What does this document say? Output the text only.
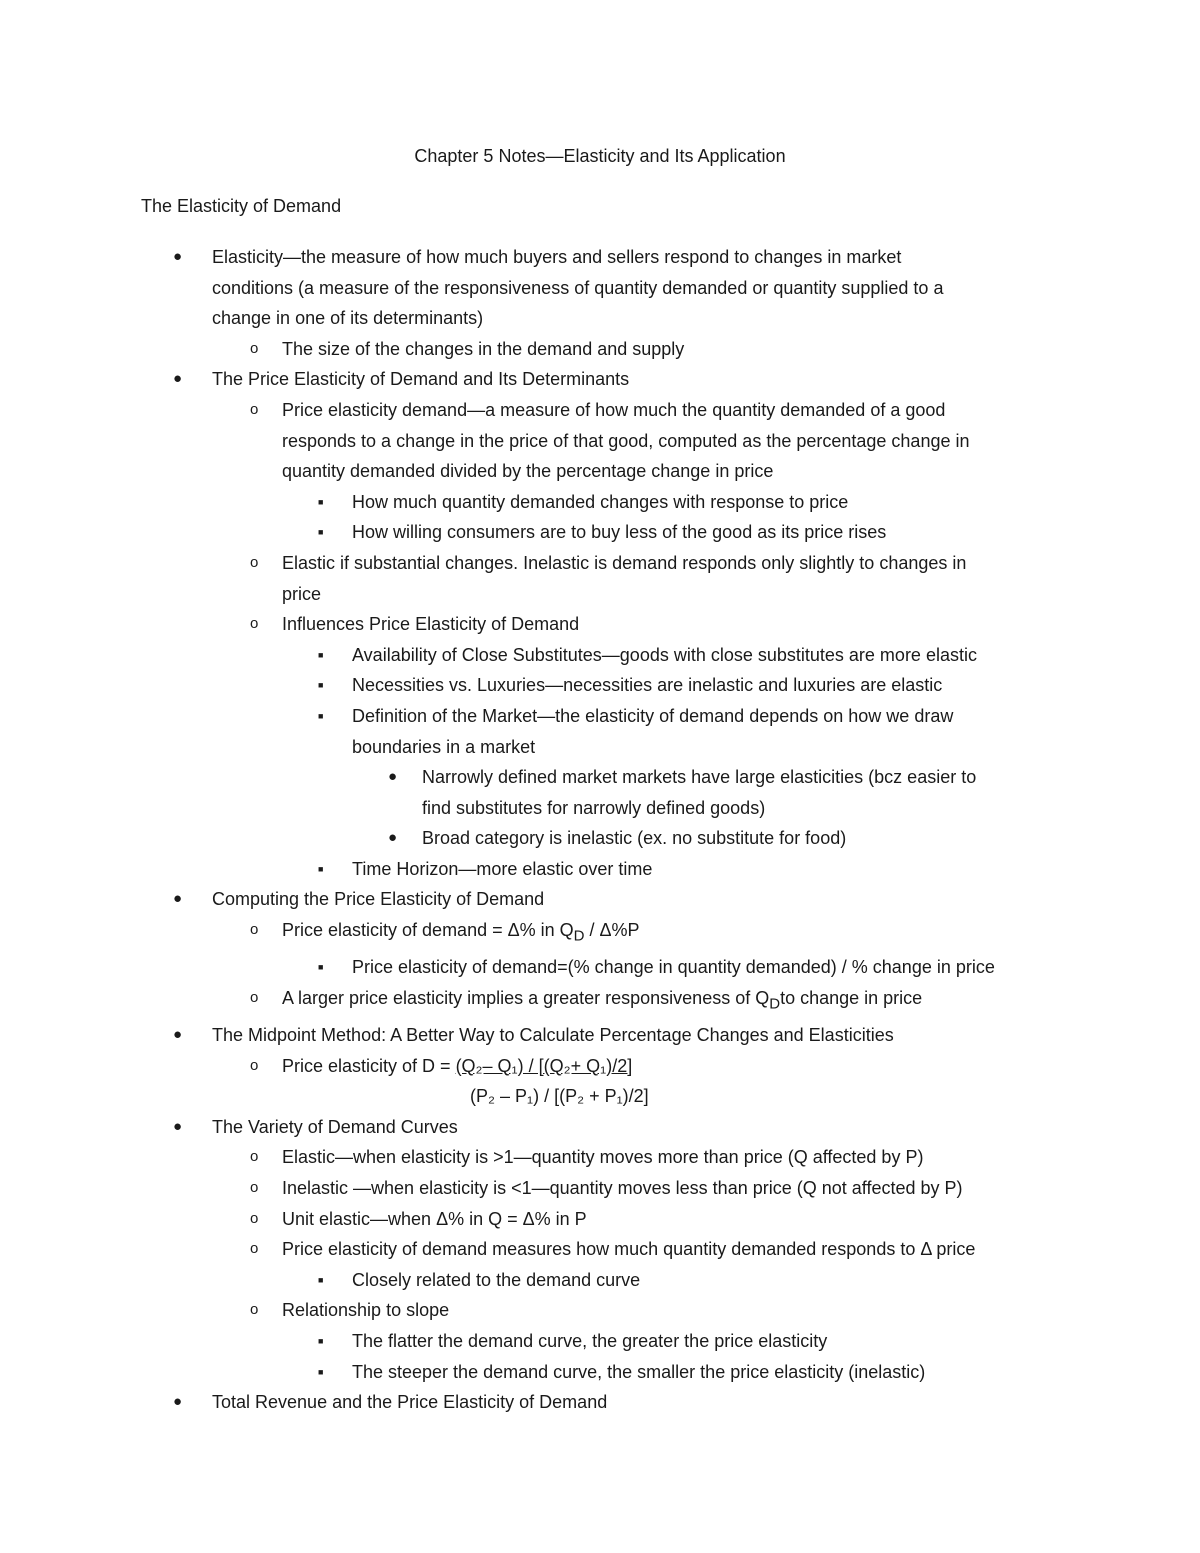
Chapter 5 Notes—Elasticity and Its Application
The Elasticity of Demand
● Elasticity—the measure of how much buyers and sellers respond to changes in market
conditions (a measure of the responsiveness of quantity demanded or quantity supplied to a
change in one of its determinants)
o The size of the changes in the demand and supply
● The Price Elasticity of Demand and Its Determinants
o Price elasticity demand—a measure of how much the quantity demanded of a good
responds to a change in the price of that good, computed as the percentage change in
quantity demanded divided by the percentage change in price
■ How much quantity demanded changes with response to price
■ How willing consumers are to buy less of the good as its price rises
o Elastic if substantial changes. Inelastic is demand responds only slightly to changes in
price
o Influences Price Elasticity of Demand
■ Availability of Close Substitutes—goods with close substitutes are more elastic
■ Necessities vs. Luxuries—necessities are inelastic and luxuries are elastic
■ Definition of the Market—the elasticity of demand depends on how we draw
boundaries in a market
● Narrowly defined market markets have large elasticities (bcz easier to
find substitutes for narrowly defined goods)
● Broad category is inelastic (ex. no substitute for food)
■ Time Horizon—more elastic over time
● Computing the Price Elasticity of Demand
o Price elasticity of demand = Δ% in $Q_D / \Delta\%P$
■ Price elasticity of demand=(% change in quantity demanded) / % change in price
o A larger price elasticity implies a greater responsiveness of $Q_Dto$ change in price
● The Midpoint Method: A Better Way to Calculate Percentage Changes and Elasticities
o Price elasticity of D = (Q₂– Q₁) / [(Q₂+ Q₁)/2]
(P₂ – P₁) / [(P₂ + P₁)/2]
● The Variety of Demand Curves
o Elastic—when elasticity is >1—quantity moves more than price (Q affected by P)
o Inelastic —when elasticity is <1—quantity moves less than price (Q not affected by P)
o Unit elastic—when Δ% in Q = Δ% in P
o Price elasticity of demand measures how much quantity demanded responds to Δ price
■ Closely related to the demand curve
o Relationship to slope
■ The flatter the demand curve, the greater the price elasticity
■ The steeper the demand curve, the smaller the price elasticity (inelastic)
● Total Revenue and the Price Elasticity of Demand
